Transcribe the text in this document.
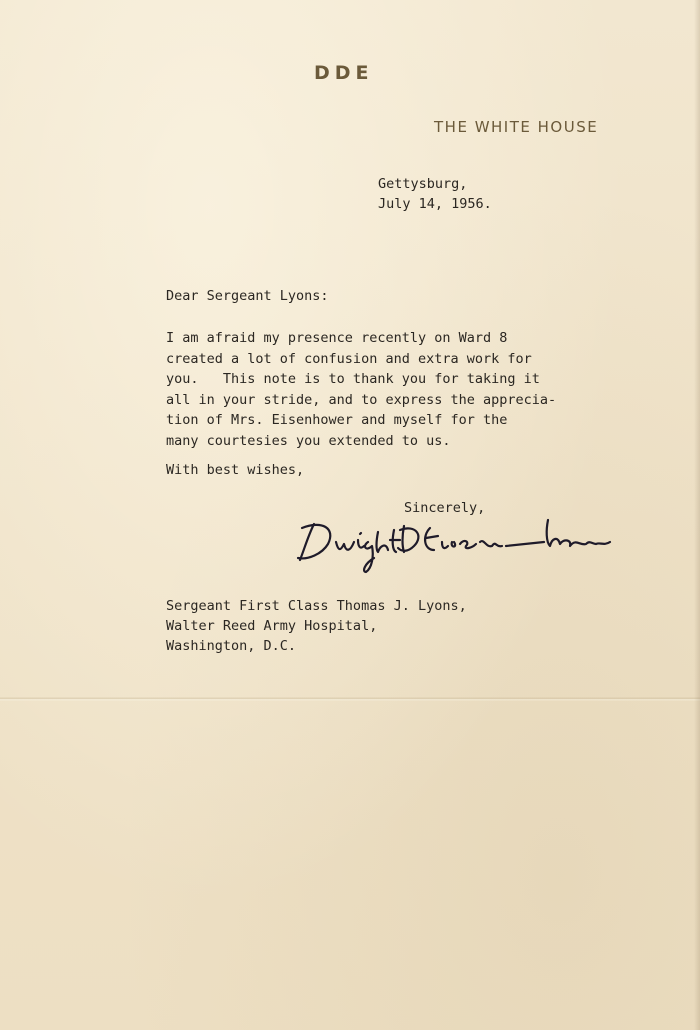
DDE
THE WHITE HOUSE
Gettysburg,
July 14, 1956.
Dear Sergeant Lyons:
I am afraid my presence recently on Ward 8
created a lot of confusion and extra work for
you.   This note is to thank you for taking it
all in your stride, and to express the apprecia-
tion of Mrs. Eisenhower and myself for the
many courtesies you extended to us.
With best wishes,
Sincerely,
Sergeant First Class Thomas J. Lyons,
Walter Reed Army Hospital,
Washington, D.C.
